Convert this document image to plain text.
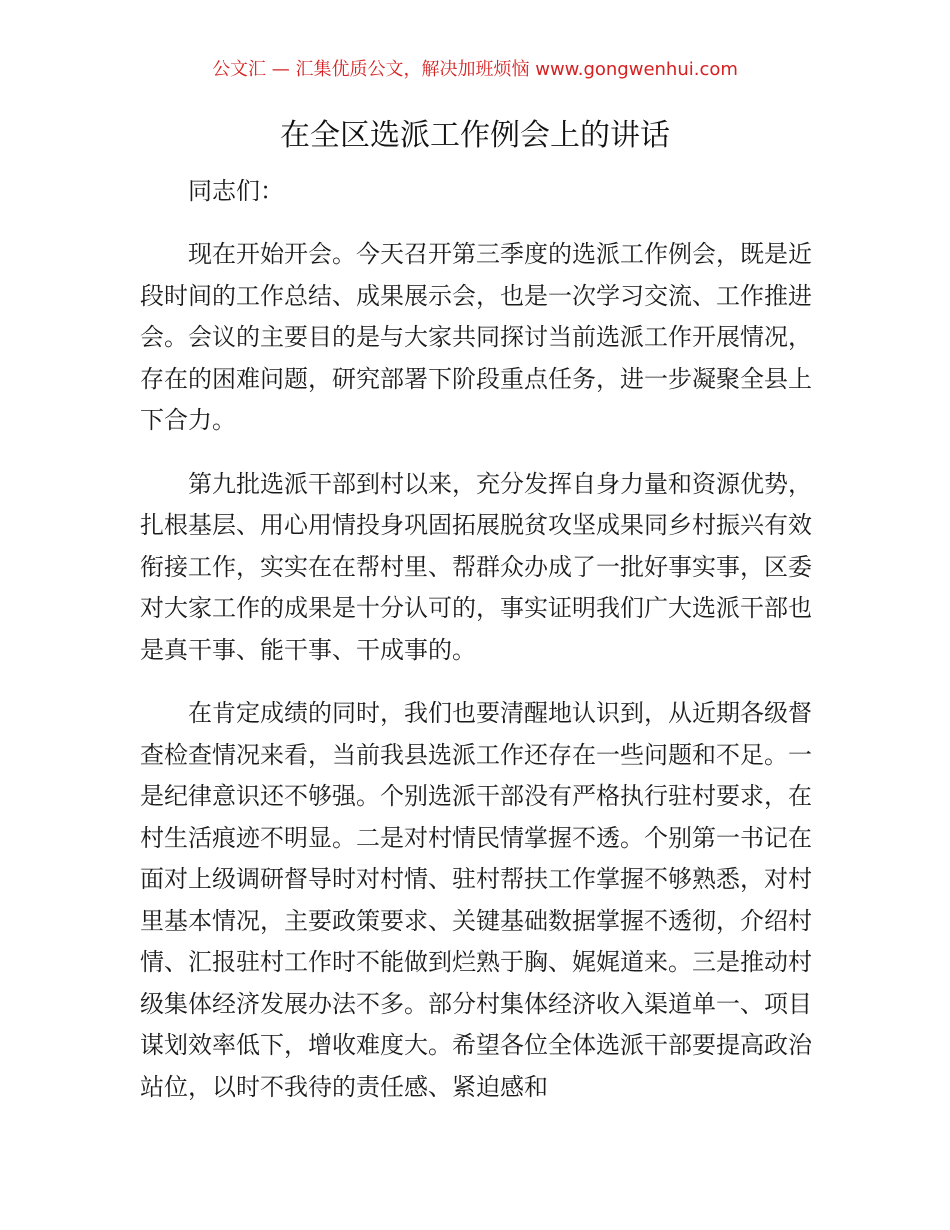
公文汇 — 汇集优质公文，解决加班烦恼 www.gongwenhui.com
在全区选派工作例会上的讲话

同志们：

现在开始开会。今天召开第三季度的选派工作例会，既是近段时间的工作总结、成果展示会，也是一次学习交流、工作推进会。会议的主要目的是与大家共同探讨当前选派工作开展情况，存在的困难问题，研究部署下阶段重点任务，进一步凝聚全县上下合力。

第九批选派干部到村以来，充分发挥自身力量和资源优势，扎根基层、用心用情投身巩固拓展脱贫攻坚成果同乡村振兴有效衔接工作，实实在在帮村里、帮群众办成了一批好事实事，区委对大家工作的成果是十分认可的，事实证明我们广大选派干部也是真干事、能干事、干成事的。

在肯定成绩的同时，我们也要清醒地认识到，从近期各级督查检查情况来看，当前我县选派工作还存在一些问题和不足。一是纪律意识还不够强。个别选派干部没有严格执行驻村要求，在村生活痕迹不明显。二是对村情民情掌握不透。个别第一书记在面对上级调研督导时对村情、驻村帮扶工作掌握不够熟悉，对村里基本情况，主要政策要求、关键基础数据掌握不透彻，介绍村情、汇报驻村工作时不能做到烂熟于胸、娓娓道来。三是推动村级集体经济发展办法不多。部分村集体经济收入渠道单一、项目谋划效率低下，增收难度大。希望各位全体选派干部要提高政治站位，以时不我待的责任感、紧迫感和
